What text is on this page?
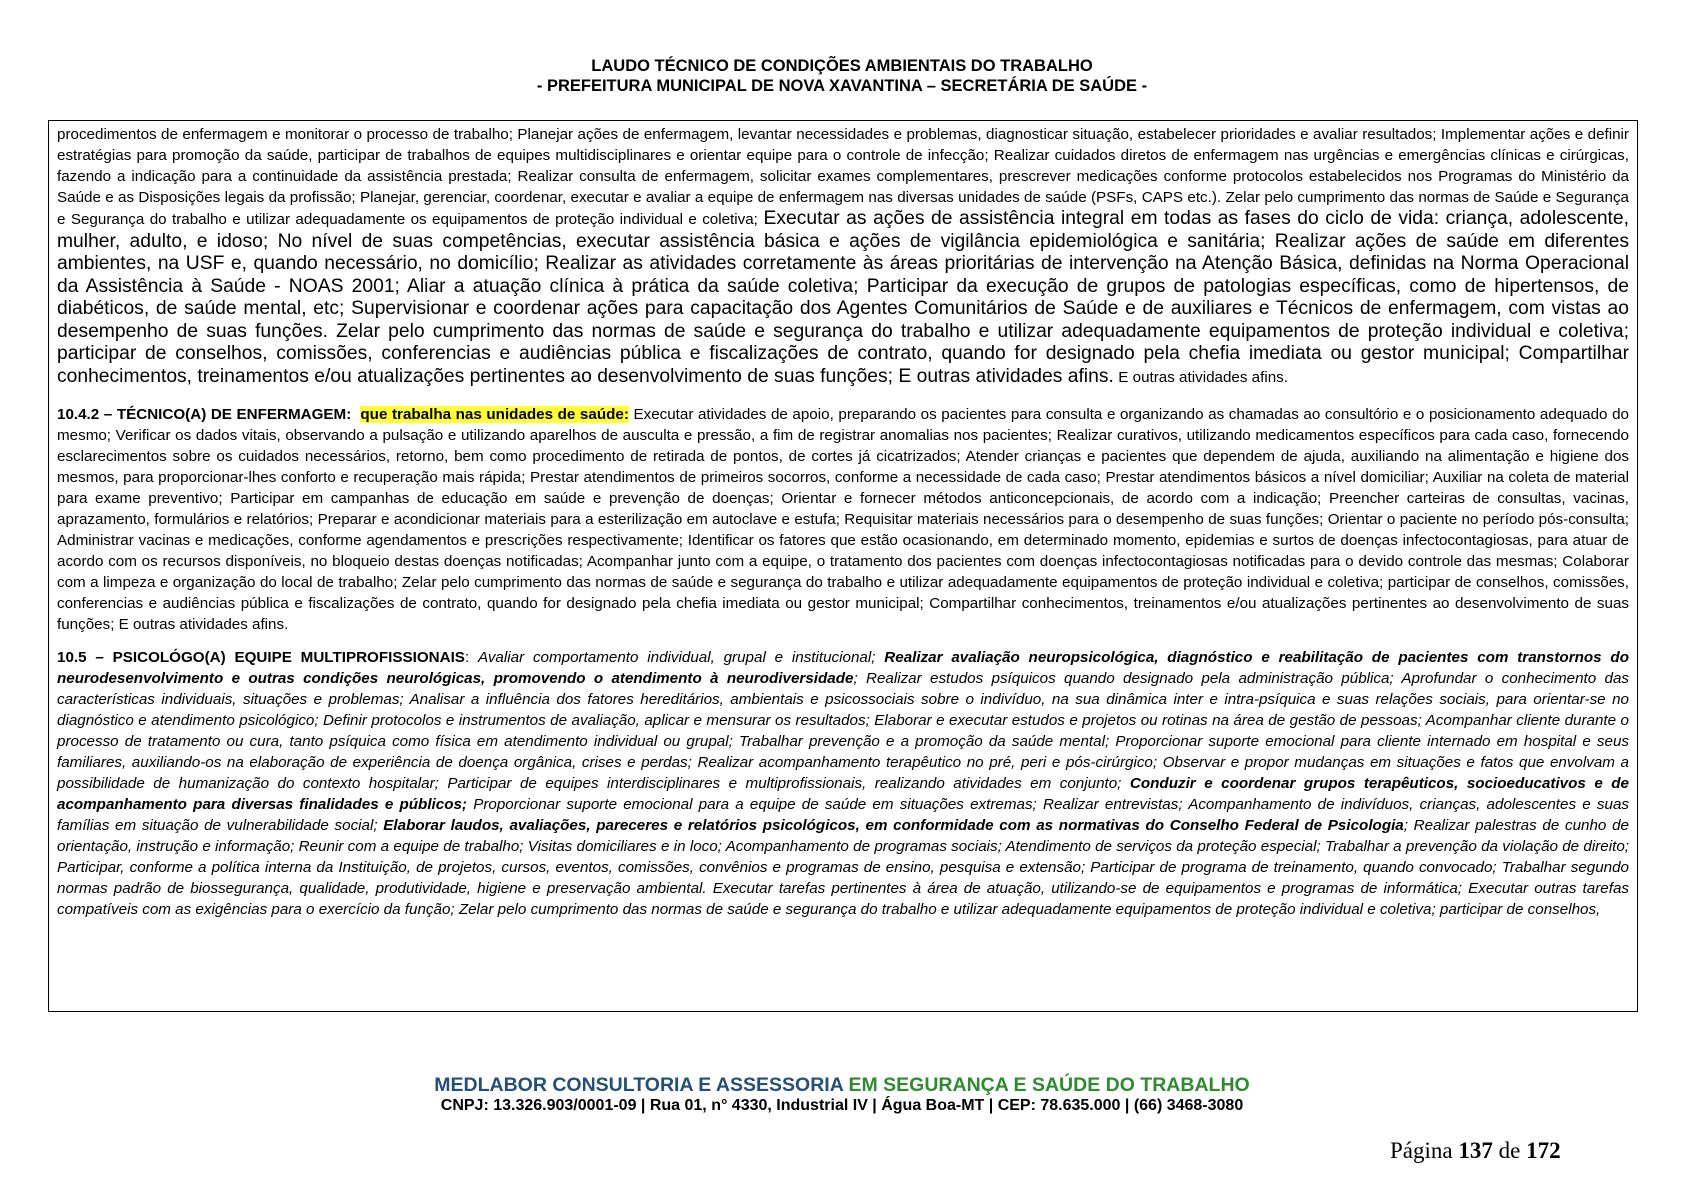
LAUDO TÉCNICO DE CONDIÇÕES AMBIENTAIS DO TRABALHO
- PREFEITURA MUNICIPAL DE NOVA XAVANTINA – SECRETÁRIA DE SAÚDE -

procedimentos de enfermagem e monitorar o processo de trabalho; Planejar ações de enfermagem, levantar necessidades e problemas, diagnosticar situação, estabelecer prioridades e avaliar resultados; Implementar ações e definir estratégias para promoção da saúde, participar de trabalhos de equipes multidisciplinares e orientar equipe para o controle de infecção; Realizar cuidados diretos de enfermagem nas urgências e emergências clínicas e cirúrgicas, fazendo a indicação para a continuidade da assistência prestada; Realizar consulta de enfermagem, solicitar exames complementares, prescrever medicações conforme protocolos estabelecidos nos Programas do Ministério da Saúde e as Disposições legais da profissão; Planejar, gerenciar, coordenar, executar e avaliar a equipe de enfermagem nas diversas unidades de saúde (PSFs, CAPS etc.). Zelar pelo cumprimento das normas de Saúde e Segurança e Segurança do trabalho e utilizar adequadamente os equipamentos de proteção individual e coletiva; Executar as ações de assistência integral em todas as fases do ciclo de vida: criança, adolescente, mulher, adulto, e idoso; No nível de suas competências, executar assistência básica e ações de vigilância epidemiológica e sanitária; Realizar ações de saúde em diferentes ambientes, na USF e, quando necessário, no domicílio; Realizar as atividades corretamente às áreas prioritárias de intervenção na Atenção Básica, definidas na Norma Operacional da Assistência à Saúde - NOAS 2001; Aliar a atuação clínica à prática da saúde coletiva; Participar da execução de grupos de patologias específicas, como de hipertensos, de diabéticos, de saúde mental, etc; Supervisionar e coordenar ações para capacitação dos Agentes Comunitários de Saúde e de auxiliares e Técnicos de enfermagem, com vistas ao desempenho de suas funções. Zelar pelo cumprimento das normas de saúde e segurança do trabalho e utilizar adequadamente equipamentos de proteção individual e coletiva; participar de conselhos, comissões, conferencias e audiências pública e fiscalizações de contrato, quando for designado pela chefia imediata ou gestor municipal; Compartilhar conhecimentos, treinamentos e/ou atualizações pertinentes ao desenvolvimento de suas funções; E outras atividades afins. E outras atividades afins.

10.4.2 – TÉCNICO(A) DE ENFERMAGEM: que trabalha nas unidades de saúde: Executar atividades de apoio, preparando os pacientes para consulta e organizando as chamadas ao consultório e o posicionamento adequado do mesmo; Verificar os dados vitais, observando a pulsação e utilizando aparelhos de ausculta e pressão, a fim de registrar anomalias nos pacientes; Realizar curativos, utilizando medicamentos específicos para cada caso, fornecendo esclarecimentos sobre os cuidados necessários, retorno, bem como procedimento de retirada de pontos, de cortes já cicatrizados; Atender crianças e pacientes que dependem de ajuda, auxiliando na alimentação e higiene dos mesmos, para proporcionar-lhes conforto e recuperação mais rápida; Prestar atendimentos de primeiros socorros, conforme a necessidade de cada caso; Prestar atendimentos básicos a nível domiciliar; Auxiliar na coleta de material para exame preventivo; Participar em campanhas de educação em saúde e prevenção de doenças; Orientar e fornecer métodos anticoncepcionais, de acordo com a indicação; Preencher carteiras de consultas, vacinas, aprazamento, formulários e relatórios; Preparar e acondicionar materiais para a esterilização em autoclave e estufa; Requisitar materiais necessários para o desempenho de suas funções; Orientar o paciente no período pós-consulta; Administrar vacinas e medicações, conforme agendamentos e prescrições respectivamente; Identificar os fatores que estão ocasionando, em determinado momento, epidemias e surtos de doenças infectocontagiosas, para atuar de acordo com os recursos disponíveis, no bloqueio destas doenças notificadas; Acompanhar junto com a equipe, o tratamento dos pacientes com doenças infectocontagiosas notificadas para o devido controle das mesmas; Colaborar com a limpeza e organização do local de trabalho; Zelar pelo cumprimento das normas de saúde e segurança do trabalho e utilizar adequadamente equipamentos de proteção individual e coletiva; participar de conselhos, comissões, conferencias e audiências pública e fiscalizações de contrato, quando for designado pela chefia imediata ou gestor municipal; Compartilhar conhecimentos, treinamentos e/ou atualizações pertinentes ao desenvolvimento de suas funções; E outras atividades afins.

10.5 – PSICOLÓGO(A) EQUIPE MULTIPROFISSIONAIS: Avaliar comportamento individual, grupal e institucional; Realizar avaliação neuropsicológica, diagnóstico e reabilitação de pacientes com transtornos do neurodesenvolvimento e outras condições neurológicas, promovendo o atendimento à neurodiversidade; Realizar estudos psíquicos quando designado pela administração pública; Aprofundar o conhecimento das características individuais, situações e problemas; Analisar a influência dos fatores hereditários, ambientais e psicossociais sobre o indivíduo, na sua dinâmica inter e intra-psíquica e suas relações sociais, para orientar-se no diagnóstico e atendimento psicológico; Definir protocolos e instrumentos de avaliação, aplicar e mensurar os resultados; Elaborar e executar estudos e projetos ou rotinas na área de gestão de pessoas; Acompanhar cliente durante o processo de tratamento ou cura, tanto psíquica como física em atendimento individual ou grupal; Trabalhar prevenção e a promoção da saúde mental; Proporcionar suporte emocional para cliente internado em hospital e seus familiares, auxiliando-os na elaboração de experiência de doença orgânica, crises e perdas; Realizar acompanhamento terapêutico no pré, peri e pós-cirúrgico; Observar e propor mudanças em situações e fatos que envolvam a possibilidade de humanização do contexto hospitalar; Participar de equipes interdisciplinares e multiprofissionais, realizando atividades em conjunto; Conduzir e coordenar grupos terapêuticos, socioeducativos e de acompanhamento para diversas finalidades e públicos; Proporcionar suporte emocional para a equipe de saúde em situações extremas; Realizar entrevistas; Acompanhamento de indivíduos, crianças, adolescentes e suas famílias em situação de vulnerabilidade social; Elaborar laudos, avaliações, pareceres e relatórios psicológicos, em conformidade com as normativas do Conselho Federal de Psicologia; Realizar palestras de cunho de orientação, instrução e informação; Reunir com a equipe de trabalho; Visitas domiciliares e in loco; Acompanhamento de programas sociais; Atendimento de serviços da proteção especial; Trabalhar a prevenção da violação de direito; Participar, conforme a política interna da Instituição, de projetos, cursos, eventos, comissões, convênios e programas de ensino, pesquisa e extensão; Participar de programa de treinamento, quando convocado; Trabalhar segundo normas padrão de biossegurança, qualidade, produtividade, higiene e preservação ambiental. Executar tarefas pertinentes à área de atuação, utilizando-se de equipamentos e programas de informática; Executar outras tarefas compatíveis com as exigências para o exercício da função; Zelar pelo cumprimento das normas de saúde e segurança do trabalho e utilizar adequadamente equipamentos de proteção individual e coletiva; participar de conselhos,

MEDLABOR CONSULTORIA E ASSESSORIA EM SEGURANÇA E SAÚDE DO TRABALHO
CNPJ: 13.326.903/0001-09 | Rua 01, n° 4330, Industrial IV | Água Boa-MT | CEP: 78.635.000 | (66) 3468-3080
Página 137 de 172
